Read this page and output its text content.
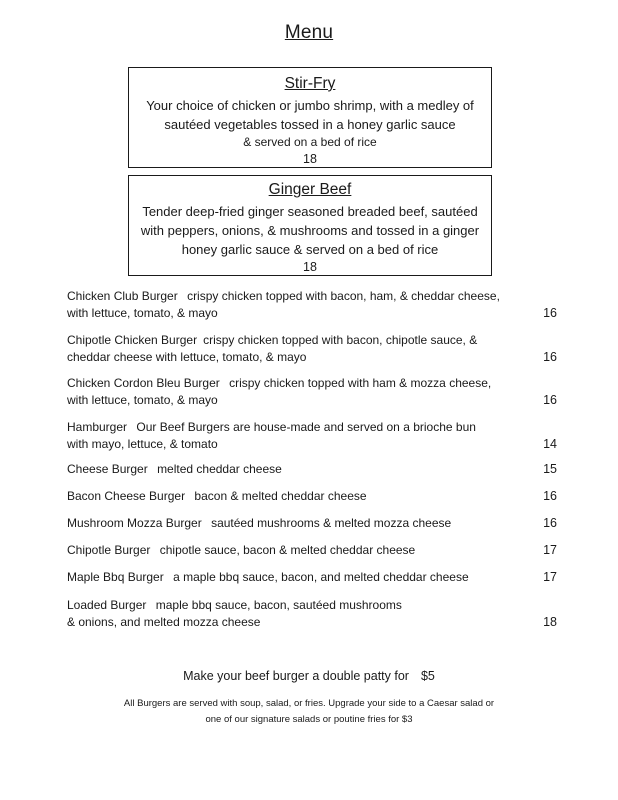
Menu
Stir-Fry
Your choice of chicken or jumbo shrimp, with a medley of
sautéed vegetables tossed in a honey garlic sauce
& served on a bed of rice
18
Ginger Beef
Tender deep-fried ginger seasoned breaded beef, sautéed
with peppers, onions, & mushrooms and tossed in a ginger
honey garlic sauce & served on a bed of rice
18
Chicken Club Burger crispy chicken topped with bacon, ham, & cheddar cheese,
with lettuce, tomato, & mayo	16
Chipotle Chicken Burger crispy chicken topped with bacon, chipotle sauce, &
cheddar cheese with lettuce, tomato, & mayo	16
Chicken Cordon Bleu Burger crispy chicken topped with ham & mozza cheese,
with lettuce, tomato, & mayo	16
Hamburger Our Beef Burgers are house-made and served on a brioche bun
with mayo, lettuce, & tomato	14
Cheese Burger melted cheddar cheese	15
Bacon Cheese Burger bacon & melted cheddar cheese	16
Mushroom Mozza Burger sautéed mushrooms & melted mozza cheese	16
Chipotle Burger chipotle sauce, bacon & melted cheddar cheese	17
Maple Bbq Burger a maple bbq sauce, bacon, and melted cheddar cheese	17
Loaded Burger maple bbq sauce, bacon, sautéed mushrooms
& onions, and melted mozza cheese	18
Make your beef burger a double patty for $5
All Burgers are served with soup, salad, or fries. Upgrade your side to a Caesar salad or
one of our signature salads or poutine fries for $3
